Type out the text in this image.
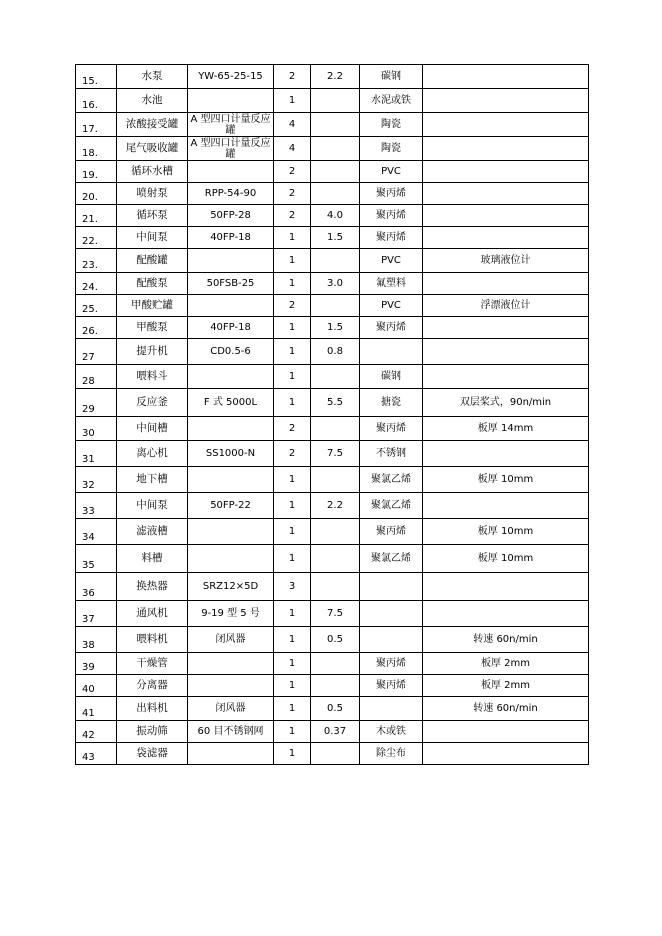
15.	水泵	YW-65-25-15	2	2.2	碳钢	
16.	水池		1		水泥或铁	
17.	浓酸接受罐	A 型四口计量反应罐	4		陶瓷	
18.	尾气吸收罐	A 型四口计量反应罐	4		陶瓷	
19.	循环水槽		2		PVC	
20.	喷射泵	RPP-54-90	2		聚丙烯	
21.	循环泵	50FP-28	2	4.0	聚丙烯	
22.	中间泵	40FP-18	1	1.5	聚丙烯	
23.	配酸罐		1		PVC	玻璃液位计
24.	配酸泵	50FSB-25	1	3.0	氟塑料	
25.	甲酸贮罐		2		PVC	浮漂液位计
26.	甲酸泵	40FP-18	1	1.5	聚丙烯	
27	提升机	CD0.5-6	1	0.8		
28	喂料斗		1		碳钢	
29	反应釜	F 式 5000L	1	5.5	搪瓷	双层桨式，90n/min
30	中间槽		2		聚丙烯	板厚 14mm
31	离心机	SS1000-N	2	7.5	不锈钢	
32	地下槽		1		聚氯乙烯	板厚 10mm
33	中间泵	50FP-22	1	2.2	聚氯乙烯	
34	滤液槽		1		聚丙烯	板厚 10mm
35	料槽		1		聚氯乙烯	板厚 10mm
36	换热器	SRZ12×5D	3			
37	通风机	9-19 型 5 号	1	7.5		
38	喂料机	闭风器	1	0.5		转速 60n/min
39	干燥管		1		聚丙烯	板厚 2mm
40	分离器		1		聚丙烯	板厚 2mm
41	出料机	闭风器	1	0.5		转速 60n/min
42	振动筛	60 目不锈钢网	1	0.37	木或铁	
43	袋滤器		1		除尘布	
